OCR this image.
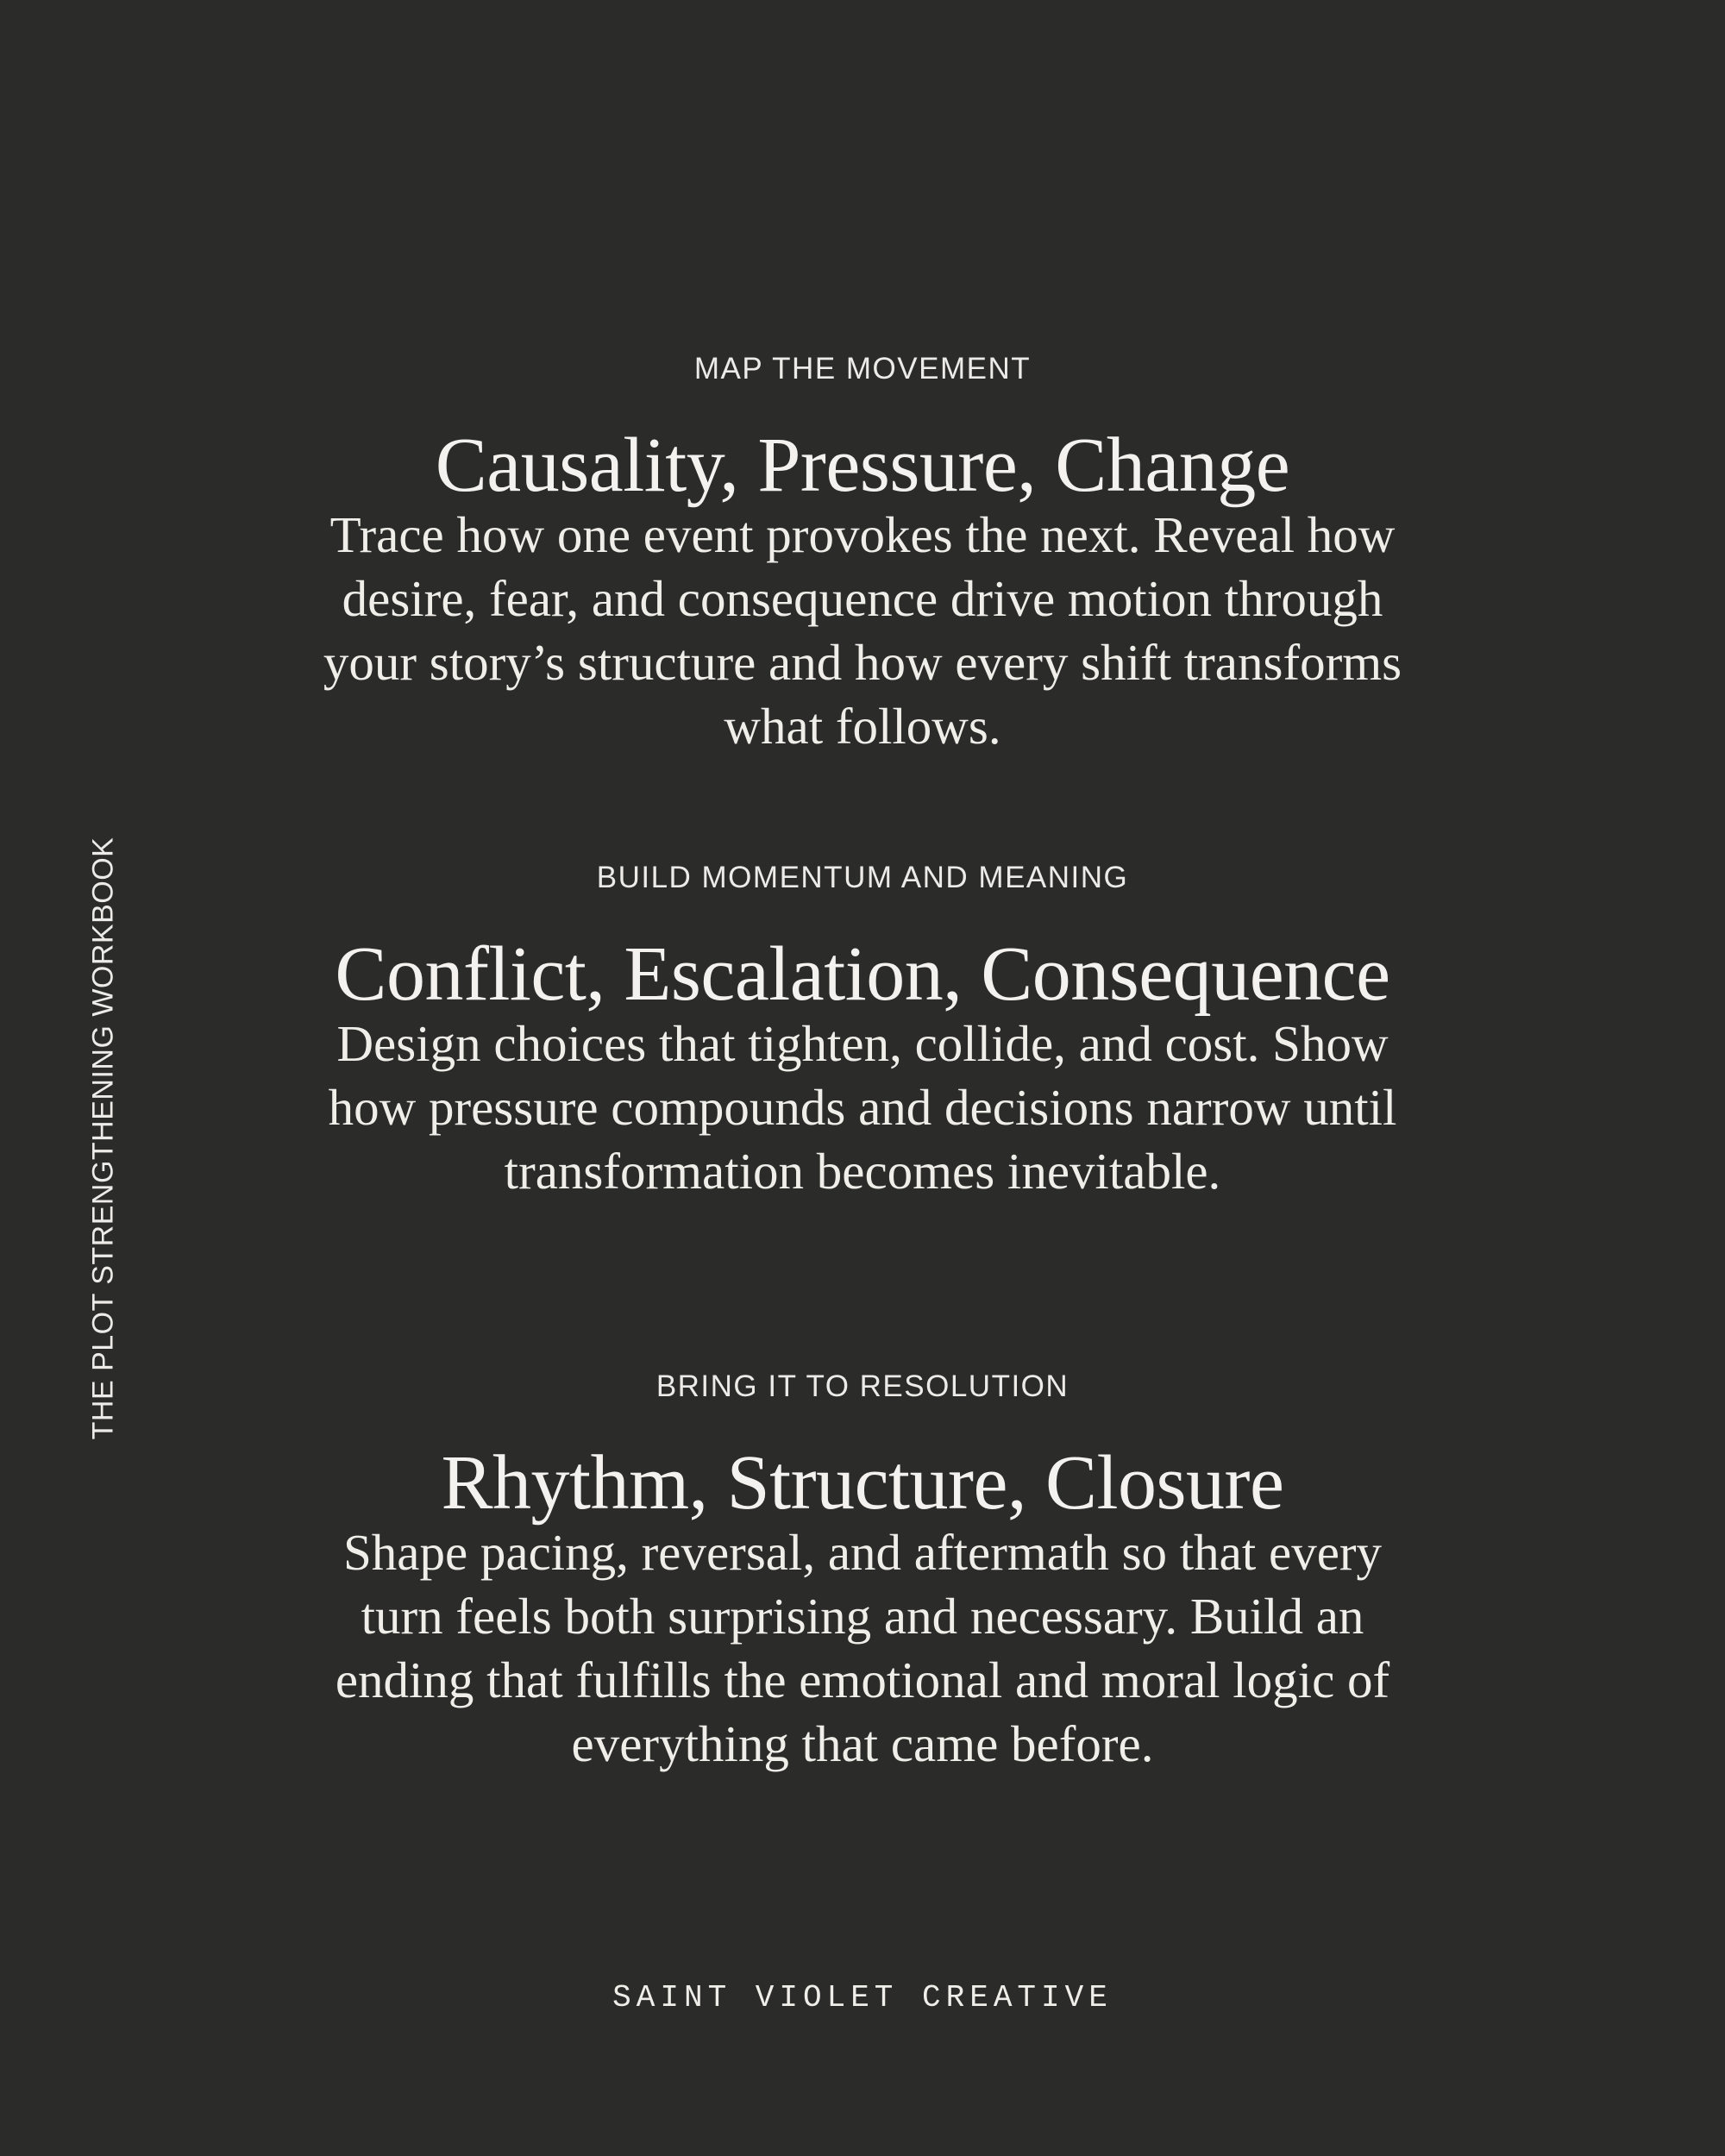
THE PLOT STRENGTHENING WORKBOOK

MAP THE MOVEMENT

Causality, Pressure, Change

Trace how one event provokes the next. Reveal how desire, fear, and consequence drive motion through your story’s structure and how every shift transforms what follows.

BUILD MOMENTUM AND MEANING

Conflict, Escalation, Consequence

Design choices that tighten, collide, and cost. Show how pressure compounds and decisions narrow until transformation becomes inevitable.

BRING IT TO RESOLUTION

Rhythm, Structure, Closure

Shape pacing, reversal, and aftermath so that every turn feels both surprising and necessary. Build an ending that fulfills the emotional and moral logic of everything that came before.

SAINT VIOLET CREATIVE
